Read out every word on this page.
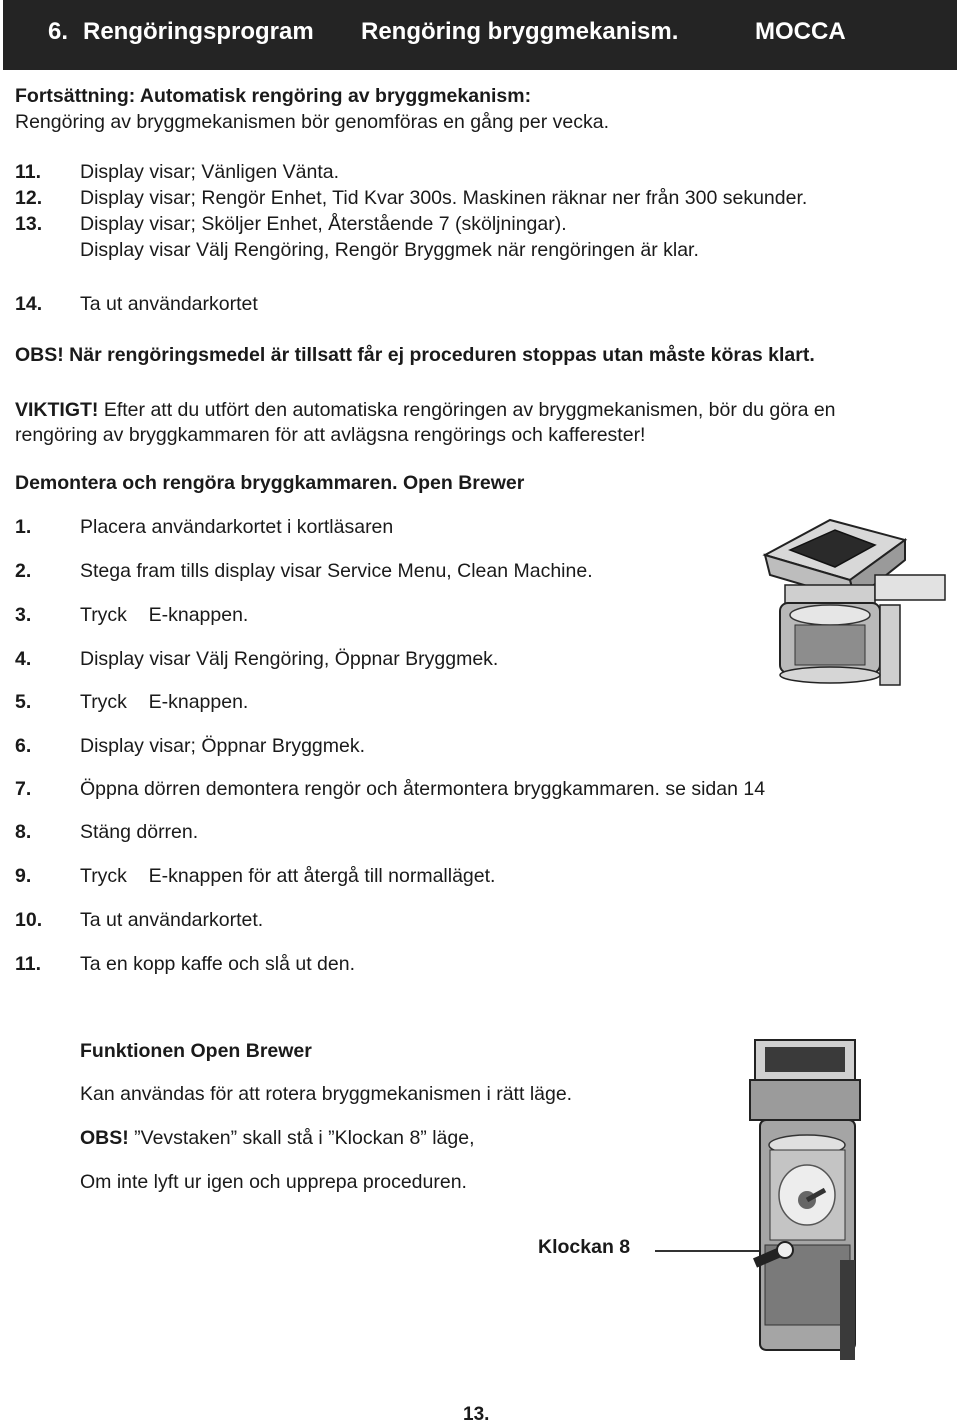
6. Rengöringsprogram Rengöring bryggmekanism.	MOCCA
Fortsättning: Automatisk rengöring av bryggmekanism:
Rengöring av bryggmekanismen bör genomföras en gång per vecka.
11. Display visar; Vänligen Vänta.
12. Display visar; Rengör Enhet, Tid Kvar 300s. Maskinen räknar ner från 300 sekunder.
13. Display visar; Sköljer Enhet, Återstående 7 (sköljningar).
Display visar Välj Rengöring, Rengör Bryggmek när rengöringen är klar.
14. Ta ut användarkortet
OBS! När rengöringsmedel är tillsatt får ej proceduren stoppas utan måste köras klart.
VIKTIGT! Efter att du utfört den automatiska rengöringen av bryggmekanismen, bör du göra en
rengöring av bryggkammaren för att avlägsna rengörings och kafferester!
Demontera och rengöra bryggkammaren. Open Brewer
1. Placera användarkortet i kortläsaren
2. Stega fram tills display visar Service Menu, Clean Machine.
3. Tryck    E-knappen.
4. Display visar Välj Rengöring, Öppnar Bryggmek.
5. Tryck    E-knappen.
6. Display visar; Öppnar Bryggmek.
7. Öppna dörren demontera rengör och återmontera bryggkammaren. se sidan 14
8. Stäng dörren.
9. Tryck    E-knappen för att återgå till normalläget.
10. Ta ut användarkortet.
11. Ta en kopp kaffe och slå ut den.
Funktionen Open Brewer
Kan användas för att rotera bryggmekanismen i rätt läge.
OBS! ”Vevstaken” skall stå i ”Klockan 8” läge,
Om inte lyft ur igen och upprepa proceduren.
Klockan 8
13.
